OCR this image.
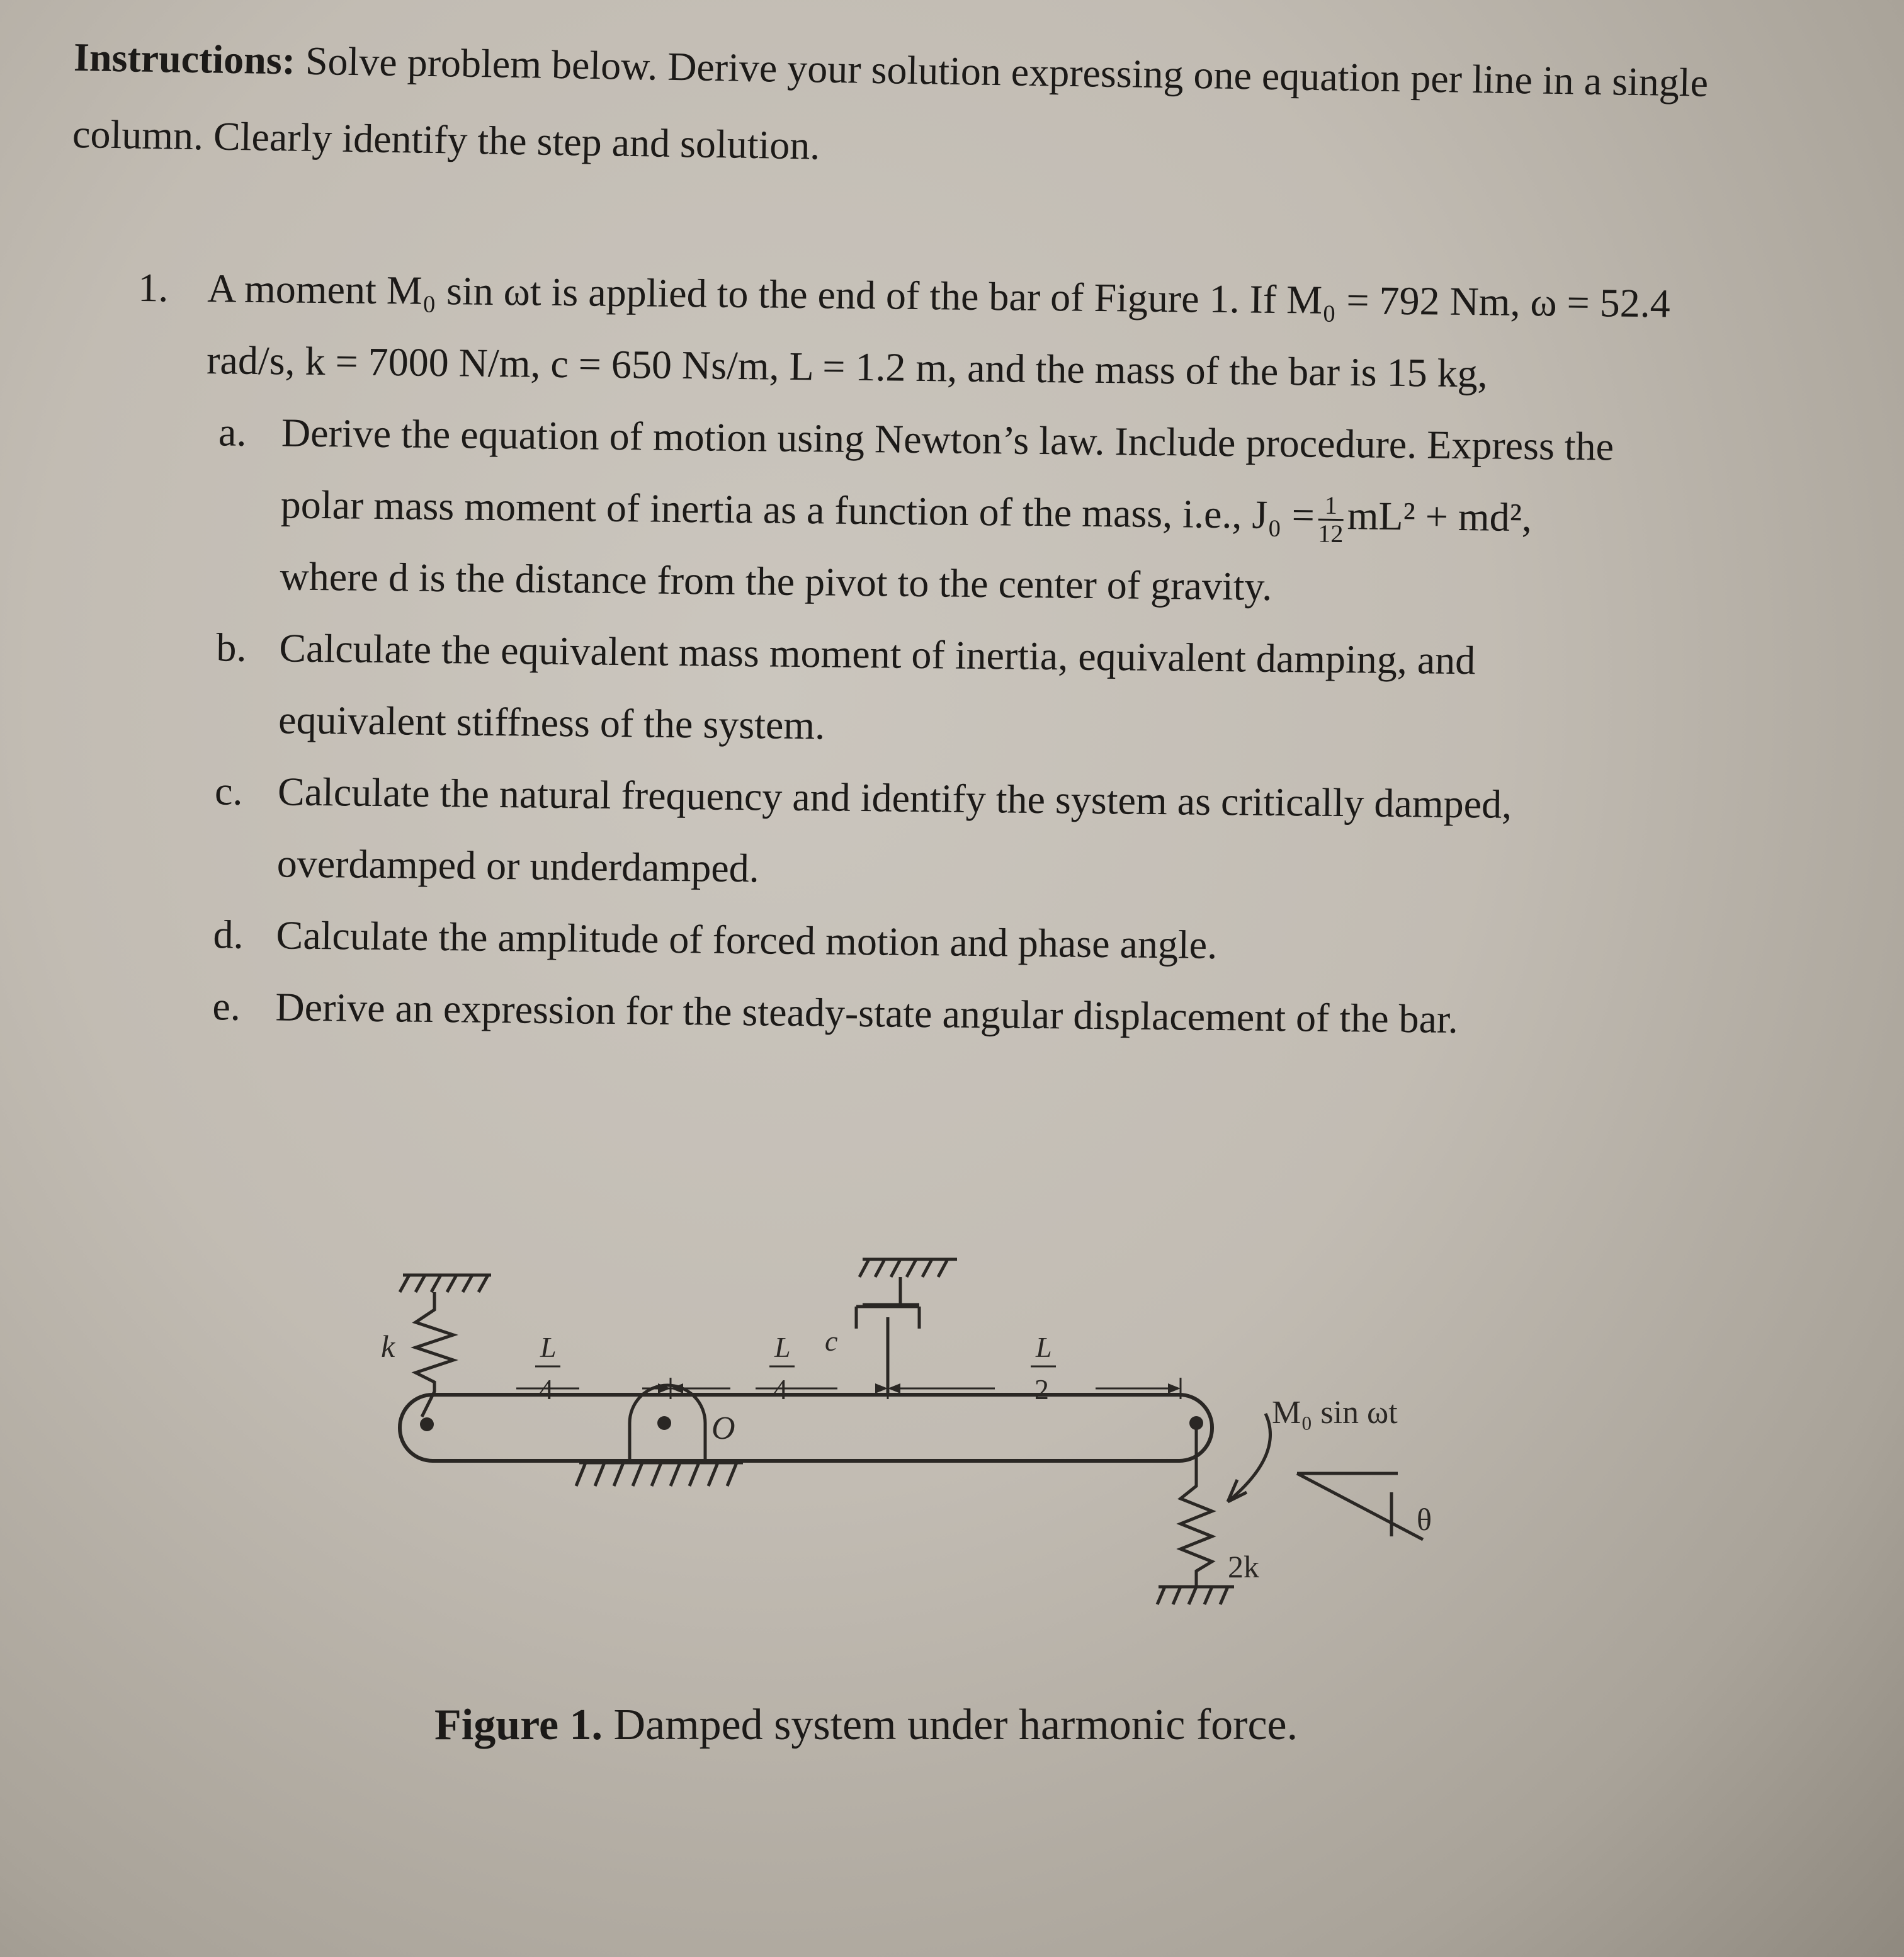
Instructions: Solve problem below. Derive your solution expressing one equation per line in a single column. Clearly identify the step and solution.
1. A moment M₀ sin ωt is applied to the end of the bar of Figure 1. If M₀ = 792 Nm, ω = 52.4
rad/s, k = 7000 N/m, c = 650 Ns/m, L = 1.2 m, and the mass of the bar is 15 kg,
a. Derive the equation of motion using Newton’s law. Include procedure. Express the
polar mass moment of inertia as a function of the mass, i.e., $J_0 = \frac{1}{12} mL^2 + md^2$,
where d is the distance from the pivot to the center of gravity.
b. Calculate the equivalent mass moment of inertia, equivalent damping, and
equivalent stiffness of the system.
c. Calculate the natural frequency and identify the system as critically damped,
overdamped or underdamped.
d. Calculate the amplitude of forced motion and phase angle.
e. Derive an expression for the steady-state angular displacement of the bar.
k	L
4
L
4
c	L
2
O	M₀ sin ωt
θ
2k
Figure 1. Damped system under harmonic force.
